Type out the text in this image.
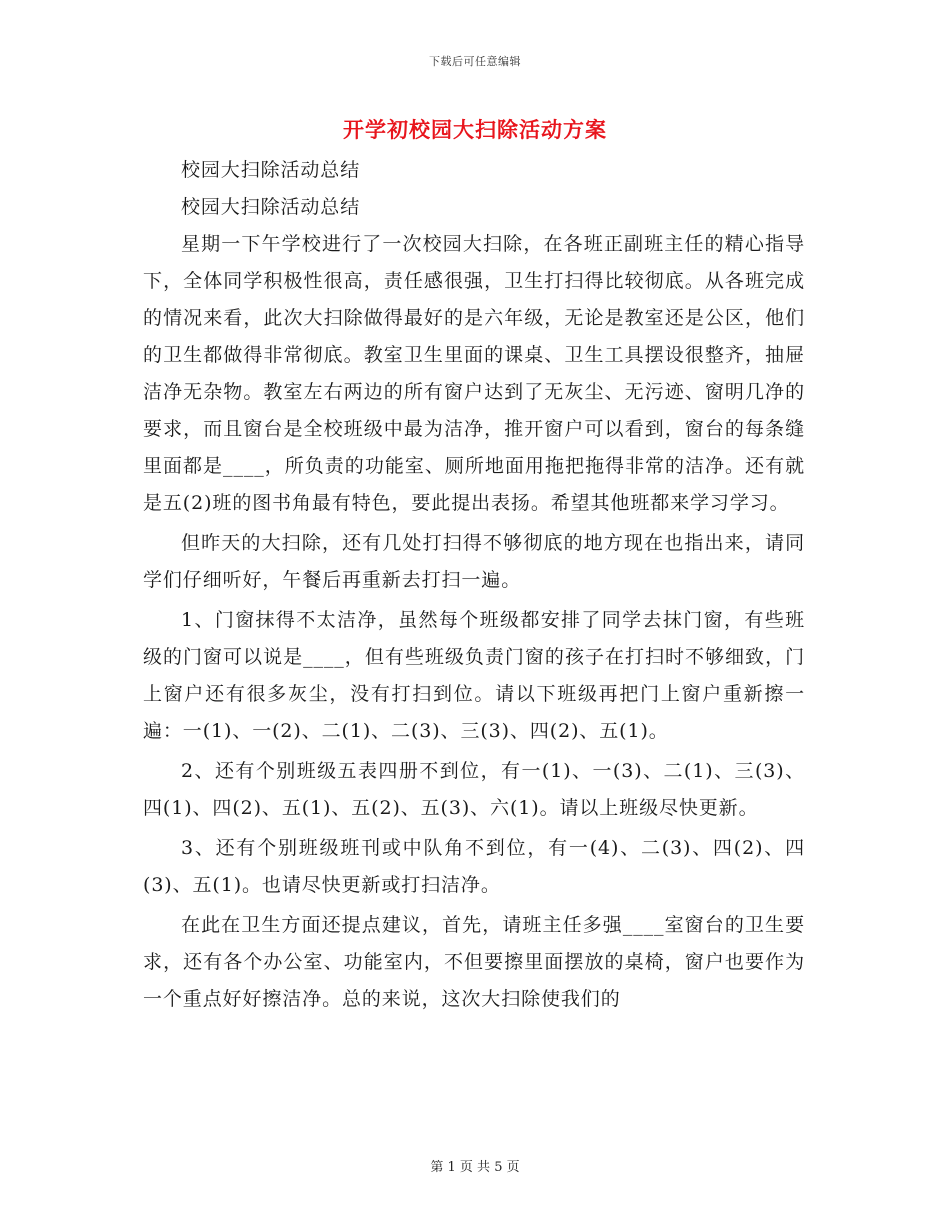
下载后可任意编辑
开学初校园大扫除活动方案

校园大扫除活动总结

校园大扫除活动总结

星期一下午学校进行了一次校园大扫除，在各班正副班主任的精心指导下，全体同学积极性很高，责任感很强，卫生打扫得比较彻底。从各班完成的情况来看，此次大扫除做得最好的是六年级，无论是教室还是公区，他们的卫生都做得非常彻底。教室卫生里面的课桌、卫生工具摆设很整齐，抽屉洁净无杂物。教室左右两边的所有窗户达到了无灰尘、无污迹、窗明几净的要求，而且窗台是全校班级中最为洁净，推开窗户可以看到，窗台的每条缝里面都是____，所负责的功能室、厕所地面用拖把拖得非常的洁净。还有就是五(2)班的图书角最有特色，要此提出表扬。希望其他班都来学习学习。

但昨天的大扫除，还有几处打扫得不够彻底的地方现在也指出来，请同学们仔细听好，午餐后再重新去打扫一遍。

1、门窗抹得不太洁净，虽然每个班级都安排了同学去抹门窗，有些班级的门窗可以说是____，但有些班级负责门窗的孩子在打扫时不够细致，门上窗户还有很多灰尘，没有打扫到位。请以下班级再把门上窗户重新擦一遍：一(1)、一(2)、二(1)、二(3)、三(3)、四(2)、五(1)。

2、还有个别班级五表四册不到位，有一(1)、一(3)、二(1)、三(3)、四(1)、四(2)、五(1)、五(2)、五(3)、六(1)。请以上班级尽快更新。

3、还有个别班级班刊或中队角不到位，有一(4)、二(3)、四(2)、四(3)、五(1)。也请尽快更新或打扫洁净。

在此在卫生方面还提点建议，首先，请班主任多强____室窗台的卫生要求，还有各个办公室、功能室内，不但要擦里面摆放的桌椅，窗户也要作为一个重点好好擦洁净。总的来说，这次大扫除使我们的

第 1 页 共 5 页
